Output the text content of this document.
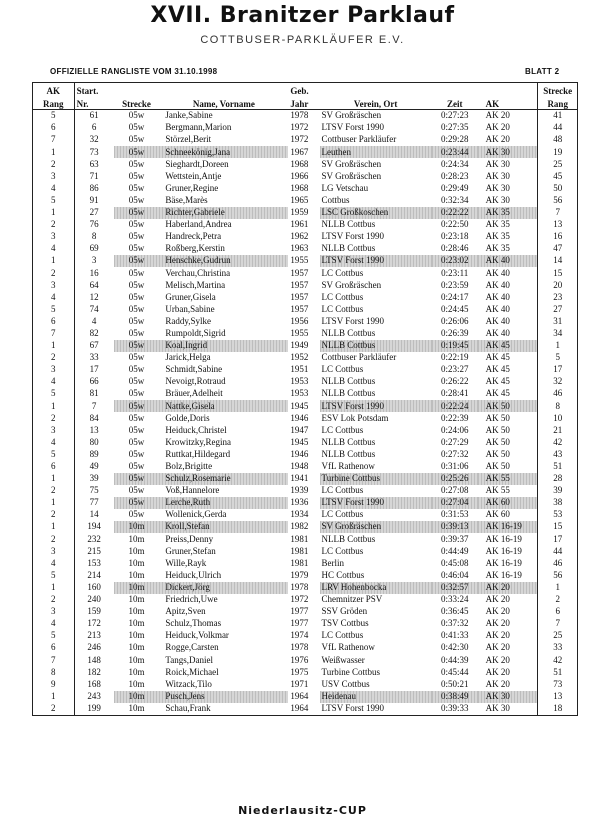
XVII. Branitzer Parklauf
COTTBUSER-PARKLÄUFER E.V.
OFFIZIELLE RANGLISTE VOM 31.10.1998	BLATT 2
AK	Start.			Geb.				Strecke
Rang	Nr.	Strecke	Name, Vorname	Jahr	Verein, Ort	Zeit	AK	Rang
5	61	05w	Janke,Sabine	1978	SV Großräschen	0:27:23	AK 20	41
6	6	05w	Bergmann,Marion	1972	LTSV Forst 1990	0:27:35	AK 20	44
7	32	05w	Störzel,Berit	1972	Cottbuser Parkläufer	0:29:28	AK 20	48
1	73	05w	Schneekönig,Jana	1967	Leuthen	0:23:44	AK 30	19
2	63	05w	Sieghardt,Doreen	1968	SV Großräschen	0:24:34	AK 30	25
3	71	05w	Wettstein,Antje	1966	SV Großräschen	0:28:23	AK 30	45
4	86	05w	Gruner,Regine	1968	LG Vetschau	0:29:49	AK 30	50
5	91	05w	Bäse,Marès	1965	Cottbus	0:32:34	AK 30	56
1	27	05w	Richter,Gabriele	1959	LSC Großkoschen	0:22:22	AK 35	7
2	76	05w	Haberland,Andrea	1961	NLLB Cottbus	0:22:50	AK 35	13
3	8	05w	Handreck,Petra	1962	LTSV Forst 1990	0:23:18	AK 35	16
4	69	05w	Roßberg,Kerstin	1963	NLLB Cottbus	0:28:46	AK 35	47
1	3	05w	Henschke,Gudrun	1955	LTSV Forst 1990	0:23:02	AK 40	14
2	16	05w	Verchau,Christina	1957	LC Cottbus	0:23:11	AK 40	15
3	64	05w	Melisch,Martina	1957	SV Großräschen	0:23:59	AK 40	20
4	12	05w	Gruner,Gisela	1957	LC Cottbus	0:24:17	AK 40	23
5	74	05w	Urban,Sabine	1957	LC Cottbus	0:24:45	AK 40	27
6	4	05w	Raddy,Sylke	1956	LTSV Forst 1990	0:26:06	AK 40	31
7	82	05w	Rumpoldt,Sigrid	1955	NLLB Cottbus	0:26:39	AK 40	34
1	67	05w	Koal,Ingrid	1949	NLLB Cottbus	0:19:45	AK 45	1
2	33	05w	Jarick,Helga	1952	Cottbuser Parkläufer	0:22:19	AK 45	5
3	17	05w	Schmidt,Sabine	1951	LC Cottbus	0:23:27	AK 45	17
4	66	05w	Nevoigt,Rotraud	1953	NLLB Cottbus	0:26:22	AK 45	32
5	81	05w	Bräuer,Adelheit	1953	NLLB Cottbus	0:28:41	AK 45	46
1	7	05w	Nattke,Gisela	1945	LTSV Forst 1990	0:22:24	AK 50	8
2	84	05w	Golde,Doris	1946	ESV Lok Potsdam	0:22:39	AK 50	10
3	13	05w	Heiduck,Christel	1947	LC Cottbus	0:24:06	AK 50	21
4	80	05w	Krowitzky,Regina	1945	NLLB Cottbus	0:27:29	AK 50	42
5	89	05w	Ruttkat,Hildegard	1946	NLLB Cottbus	0:27:32	AK 50	43
6	49	05w	Bolz,Brigitte	1948	VfL Rathenow	0:31:06	AK 50	51
1	39	05w	Schulz,Rosemarie	1941	Turbine Cottbus	0:25:26	AK 55	28
2	75	05w	Voß,Hannelore	1939	LC Cottbus	0:27:08	AK 55	39
1	77	05w	Lerche,Ruth	1936	LTSV Forst 1990	0:27:04	AK 60	38
2	14	05w	Wollenick,Gerda	1934	LC Cottbus	0:31:53	AK 60	53
1	194	10m	Kroll,Stefan	1982	SV Großräschen	0:39:13	AK 16-19	15
2	232	10m	Preiss,Denny	1981	NLLB Cottbus	0:39:37	AK 16-19	17
3	215	10m	Gruner,Stefan	1981	LC Cottbus	0:44:49	AK 16-19	44
4	153	10m	Wille,Rayk	1981	Berlin	0:45:08	AK 16-19	46
5	214	10m	Heiduck,Ulrich	1979	HC Cottbus	0:46:04	AK 16-19	56
1	160	10m	Dickert,Jörg	1978	LRV Hohenbocka	0:32:57	AK 20	1
2	240	10m	Friedrich,Uwe	1972	Chemnitzer PSV	0:33:24	AK 20	2
3	159	10m	Apitz,Sven	1977	SSV Gröden	0:36:45	AK 20	6
4	172	10m	Schulz,Thomas	1977	TSV Cottbus	0:37:32	AK 20	7
5	213	10m	Heiduck,Volkmar	1974	LC Cottbus	0:41:33	AK 20	25
6	246	10m	Rogge,Carsten	1978	VfL Rathenow	0:42:30	AK 20	33
7	148	10m	Tangs,Daniel	1976	Weißwasser	0:44:39	AK 20	42
8	182	10m	Roick,Michael	1975	Turbine Cottbus	0:45:44	AK 20	51
9	168	10m	Witzack,Tilo	1971	USV Cottbus	0:50:21	AK 20	73
1	243	10m	Pusch,Jens	1964	Heidenau	0:38:49	AK 30	13
2	199	10m	Schau,Frank	1964	LTSV Forst 1990	0:39:33	AK 30	18
Niederlausitz-CUP
